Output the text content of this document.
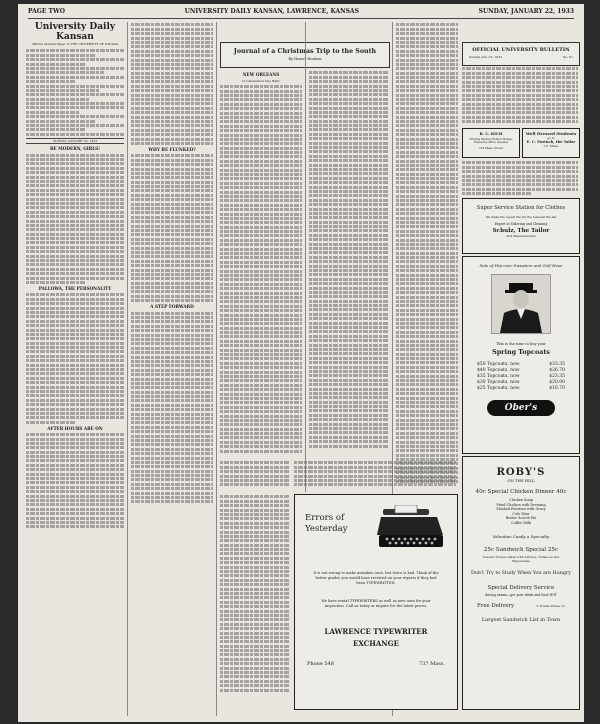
PAGE TWO	UNIVERSITY DAILY KANSAN, LAWRENCE, KANSAS	SUNDAY, JANUARY 22, 1933
University Daily Kansan
Official Student Paper of THE UNIVERSITY OF KANSAS
SUNDAY, JANUARY 22, 1933
BE MODERN, GIRLS!
PALLOWA, THE PERSONALITY
AFTER HOURS ARE ON
WHY BE FLUNKED?
A STEP FORWARD
Journal of a Christmas Trip to the South
By Homer Hoskins
NEW ORLEANS
In Celebration Day Rally
OFFICIAL UNIVERSITY BULLETIN
Sunday, Jan. 22, 1933	No. 81
R. C. RICH
Printing Binding Rubber Stamps Engraving Office Supplies
734 Mass. Street
Well Dressed Students
go to
E. C. Postuch, the Tailor
711 Mass.
Super Service Station for Clothes
We make We repair We fur We remodel We hat
Expert in Tailoring and Cleaning
Schulz, The Tailor
924 Massachusetts
Sale of Hip-over Sweaters and Golf Hose
This is the time to buy your
Spring Topcoats
$50 Topcoats, now	$33.35
$40 Topcoats, now	$26.70
$35 Topcoats, now	$23.35
$30 Topcoats, now	$20.00
$25 Topcoats, now	$16.70
Ober's
ROBY'S
ON THE HILL
40c Special Chicken Dinner 40c
Chicken Soup
Fried Chicken with Dressing
Mashed Potatoes with Gravy
Cole Slaw
Butter Scotch Pie
Coffee Milk
Valentine Candy a Specialty
25c Sandwich Special 25c
Toasted Tongue Salad with Lettuce, Tomatoes and Mayonnaise
Don't Try to Study When You are Hungry
Special Delivery Service
during exams—get your drink and food HOT
Free Delivery	2 Trunks Phone 12
Largest Sandwich List in Town
Errors of Yesterday
It is not wrong to make mistakes once, but twice is bad. Think of the better grades you would have received on your reports if they had been TYPEWRITTEN.
We have rental TYPEWRITERS as well as new ones for your inspection. Call us today or inquire for the latest prices.
LAWRENCE TYPEWRITER
EXCHANGE
Phone 548	737 Mass.
